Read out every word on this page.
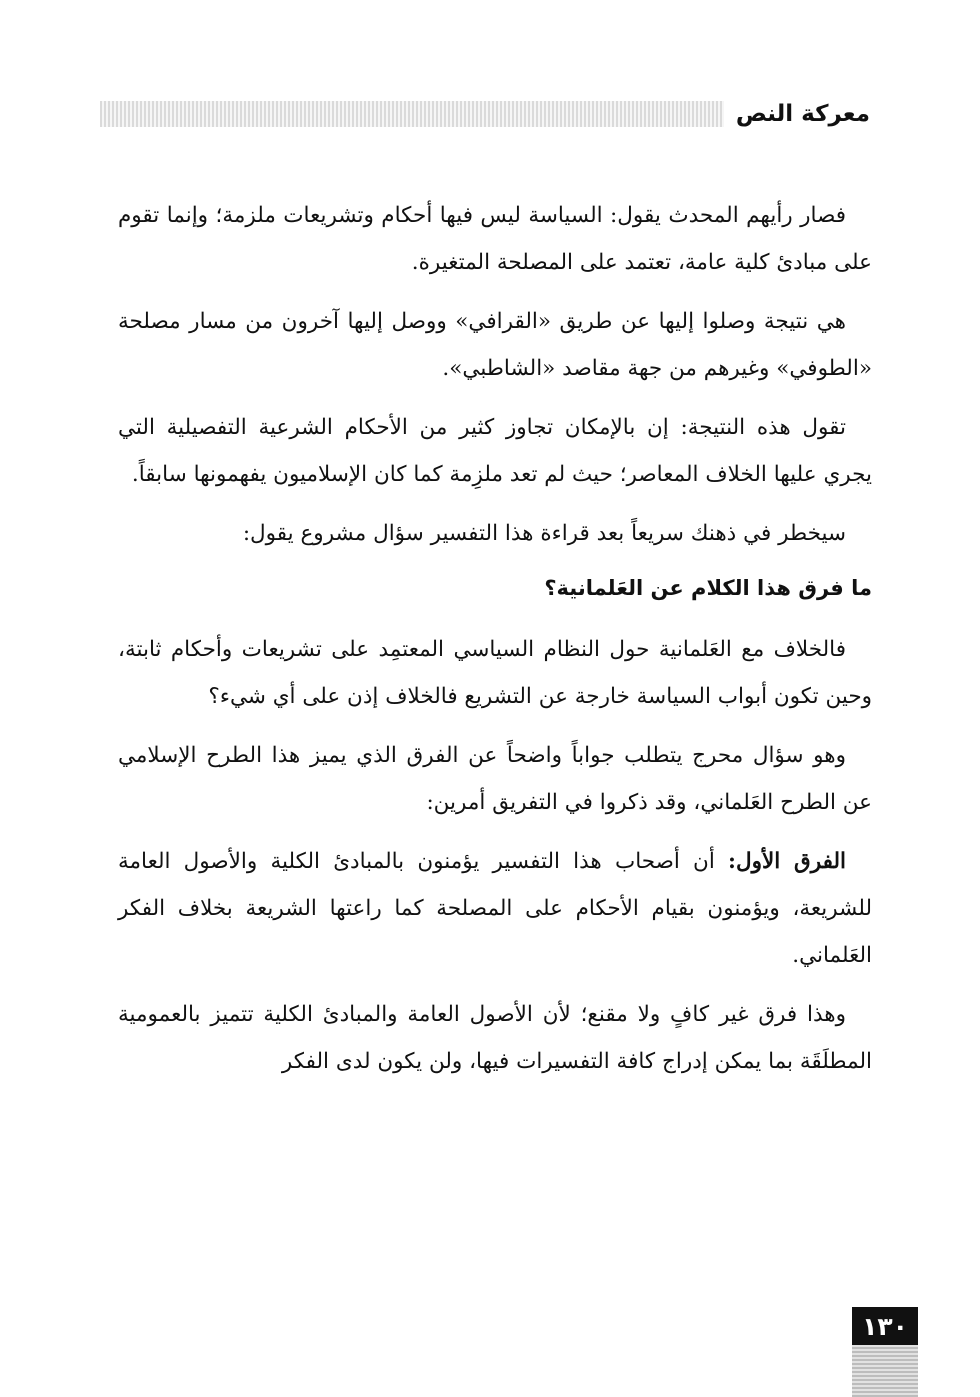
معركة النص

فصار رأيهم المحدث يقول: السياسة ليس فيها أحكام وتشريعات ملزمة؛ وإنما تقوم على مبادئ كلية عامة، تعتمد على المصلحة المتغيرة.

هي نتيجة وصلوا إليها عن طريق «القرافي» ووصل إليها آخرون من مسار مصلحة «الطوفي» وغيرهم من جهة مقاصد «الشاطبي».

تقول هذه النتيجة: إن بالإمكان تجاوز كثير من الأحكام الشرعية التفصيلية التي يجري عليها الخلاف المعاصر؛ حيث لم تعد ملزِمة كما كان الإسلاميون يفهمونها سابقاً.

سيخطر في ذهنك سريعاً بعد قراءة هذا التفسير سؤال مشروع يقول:

ما فرق هذا الكلام عن العَلمانية؟

فالخلاف مع العَلمانية حول النظام السياسي المعتمِد على تشريعات وأحكام ثابتة، وحين تكون أبواب السياسة خارجة عن التشريع فالخلاف إذن على أي شيء؟

وهو سؤال محرج يتطلب جواباً واضحاً عن الفرق الذي يميز هذا الطرح الإسلامي عن الطرح العَلماني، وقد ذكروا في التفريق أمرين:

الفرق الأول: أن أصحاب هذا التفسير يؤمنون بالمبادئ الكلية والأصول العامة للشريعة، ويؤمنون بقيام الأحكام على المصلحة كما راعتها الشريعة بخلاف الفكر العَلماني.

وهذا فرق غير كافٍ ولا مقنع؛ لأن الأصول العامة والمبادئ الكلية تتميز بالعمومية المطلَقَة بما يمكن إدراج كافة التفسيرات فيها، ولن يكون لدى الفكر

١٣٠
